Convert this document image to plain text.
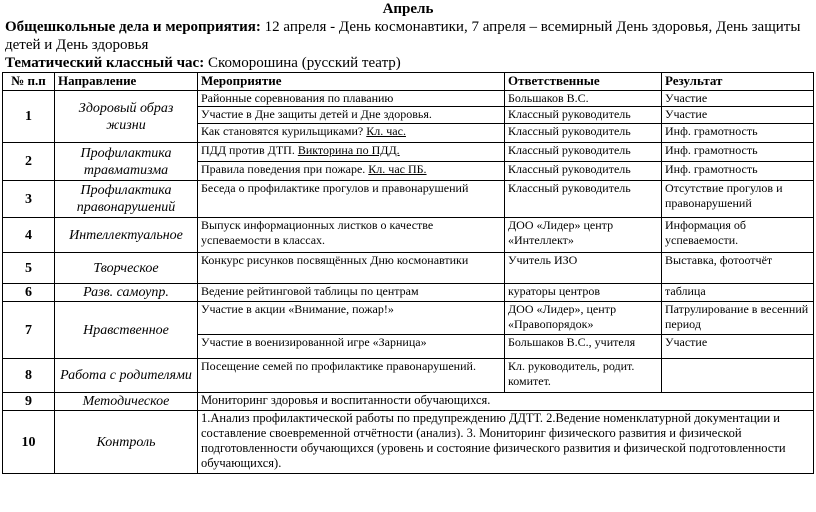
Апрель
Общешкольные дела и мероприятия: 12 апреля - День космонавтики, 7 апреля – всемирный День здоровья, День защиты детей и День здоровья
Тематический классный час: Скоморошина (русский театр)
№ п.п	Направление	Мероприятие	Ответственные	Результат
1	Здоровый образ жизни	Районные соревнования по плаванию	Большаков В.С.	Участие
		Участие в Дне защиты детей и Дне здоровья.	Классный руководитель	Участие
		Как становятся курильщиками? Кл. час.	Классный руководитель	Инф. грамотность
2	Профилактика травматизма	ПДД против ДТП. Викторина по ПДД.	Классный руководитель	Инф. грамотность
		Правила поведения при пожаре. Кл. час ПБ.	Классный руководитель	Инф. грамотность
3	Профилактика правонарушений	Беседа о профилактике прогулов и правонарушений	Классный руководитель	Отсутствие прогулов и правонарушений
4	Интеллектуальное	Выпуск информационных листков о качестве успеваемости в классах.	ДОО «Лидер» центр «Интеллект»	Информация об успеваемости.
5	Творческое	Конкурс рисунков посвящённых Дню космонавтики	Учитель ИЗО	Выставка, фотоотчёт
6	Разв. самоупр.	Ведение рейтинговой таблицы по центрам	кураторы центров	таблица
7	Нравственное	Участие в акции «Внимание, пожар!»	ДОО «Лидер», центр «Правопорядок»	Патрулирование в весенний период
		Участие в военизированной игре «Зарница»	Большаков В.С., учителя	Участие
8	Работа с родителями	Посещение семей по профилактике правонарушений.	Кл. руководитель, родит. комитет.	
9	Методическое	Мониторинг здоровья и воспитанности обучающихся.		
10	Контроль	1.Анализ профилактической работы по предупреждению ДДТТ. 2.Ведение номенклатурной документации и составление своевременной отчётности (анализ). 3. Мониторинг физического развития и физической подготовленности обучающихся (уровень и состояние физического развития и физической подготовленности обучающихся).		
